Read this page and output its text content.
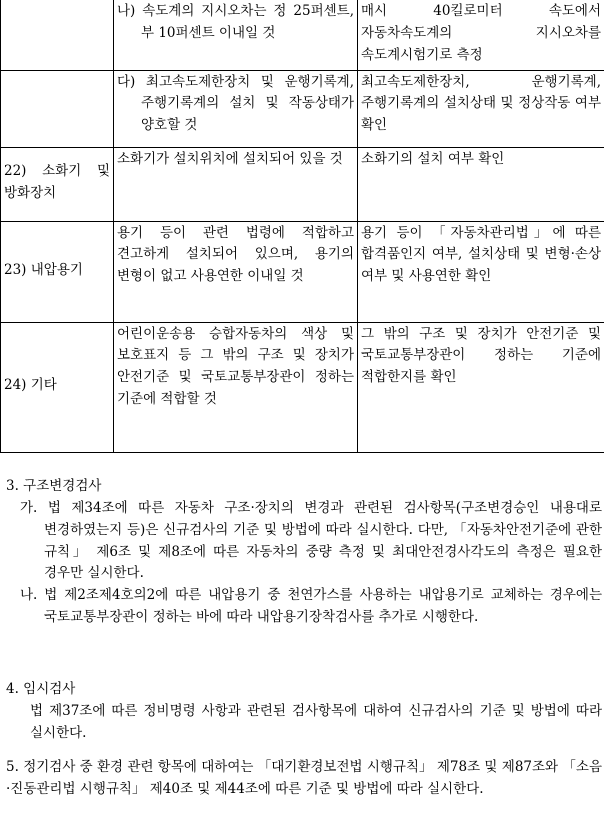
	나) 속도계의 지시오차는 정 25퍼센트, 부 10퍼센트 이내일 것	매시 40킬로미터 속도에서 자동차속도계의 지시오차를 속도계시험기로 측정

	다) 최고속도제한장치 및 운행기록계, 주행기록계의 설치 및 작동상태가 양호할 것	최고속도제한장치, 운행기록계, 주행기록계의 설치상태 및 정상작동 여부 확인
22) 소화기 및 방화장치	소화기가 설치위치에 설치되어 있을 것	소화기의 설치 여부 확인
23) 내압용기	용기 등이 관련 법령에 적합하고 견고하게 설치되어 있으며, 용기의 변형이 없고 사용연한 이내일 것	용기 등이 「자동차관리법」에 따른 합격품인지 여부, 설치상태 및 변형·손상 여부 및 사용연한 확인
24) 기타	어린이운송용 승합자동차의 색상 및 보호표지 등 그 밖의 구조 및 장치가 안전기준 및 국토교통부장관이 정하는 기준에 적합할 것	그 밖의 구조 및 장치가 안전기준 및 국토교통부장관이 정하는 기준에 적합한지를 확인
3. 구조변경검사
가. 법 제34조에 따른 자동차 구조·장치의 변경과 관련된 검사항목(구조변경승인 내용대로 변경하였는지 등)은 신규검사의 기준 및 방법에 따라 실시한다. 다만, 「자동차안전기준에 관한 규칙」 제6조 및 제8조에 따른 자동차의 중량 측정 및 최대안전경사각도의 측정은 필요한 경우만 실시한다.
나. 법 제2조제4호의2에 따른 내압용기 중 천연가스를 사용하는 내압용기로 교체하는 경우에는 국토교통부장관이 정하는 바에 따라 내압용기장착검사를 추가로 시행한다.
4. 임시검사
법 제37조에 따른 정비명령 사항과 관련된 검사항목에 대하여 신규검사의 기준 및 방법에 따라 실시한다.
5. 정기검사 중 환경 관련 항목에 대하여는 「대기환경보전법 시행규칙」 제78조 및 제87조와 「소음·진동관리법 시행규칙」 제40조 및 제44조에 따른 기준 및 방법에 따라 실시한다.
